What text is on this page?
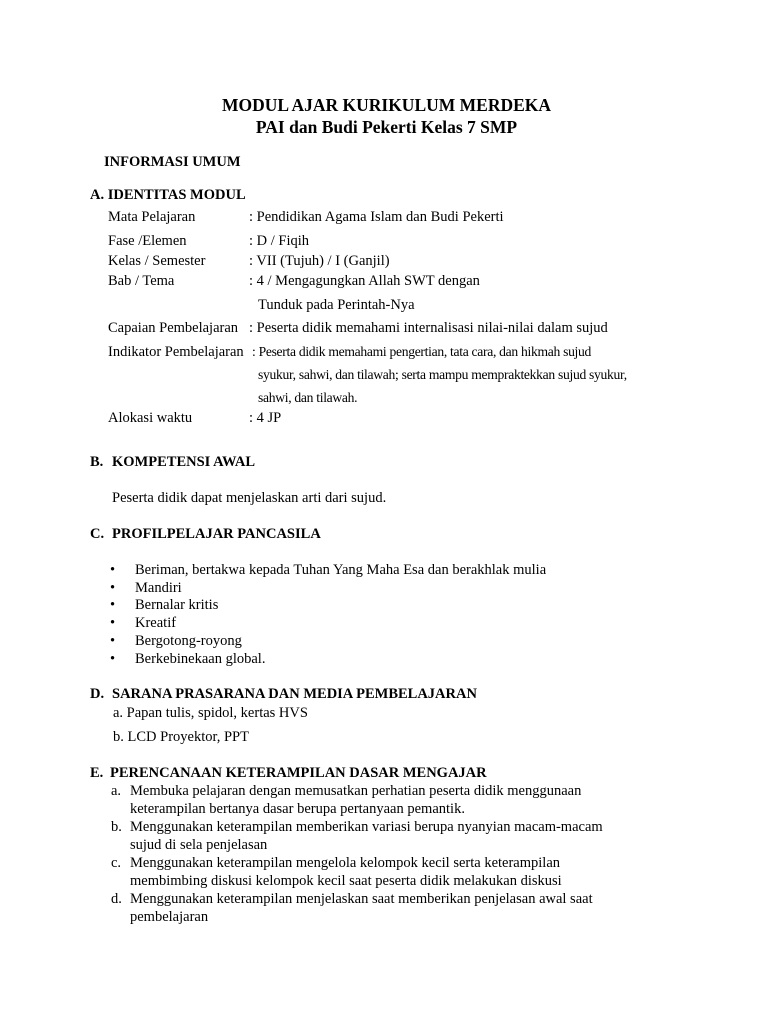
MODUL AJAR KURIKULUM MERDEKA
PAI dan Budi Pekerti Kelas 7 SMP
INFORMASI UMUM
A. IDENTITAS MODUL
Mata Pelajaran	: Pendidikan Agama Islam dan Budi Pekerti
Fase /Elemen	: D / Fiqih
Kelas / Semester	: VII (Tujuh) / I (Ganjil)
Bab / Tema	: 4 / Mengagungkan Allah SWT dengan
Tunduk pada Perintah-Nya
Capaian Pembelajaran : Peserta didik memahami internalisasi nilai-nilai dalam sujud
Indikator Pembelajaran : Peserta didik memahami pengertian, tata cara, dan hikmah sujud
syukur, sahwi, dan tilawah; serta mampu mempraktekkan sujud syukur,
sahwi, dan tilawah.
Alokasi waktu	: 4 JP
B. KOMPETENSI AWAL
Peserta didik dapat menjelaskan arti dari sujud.
C. PROFILPELAJAR PANCASILA
• Beriman, bertakwa kepada Tuhan Yang Maha Esa dan berakhlak mulia
• Mandiri
• Bernalar kritis
• Kreatif
• Bergotong-royong
• Berkebinekaan global.
D. SARANA PRASARANA DAN MEDIA PEMBELAJARAN
a. Papan tulis, spidol, kertas HVS
b. LCD Proyektor, PPT
E. PERENCANAAN KETERAMPILAN DASAR MENGAJAR
a. Membuka pelajaran dengan memusatkan perhatian peserta didik menggunaan
keterampilan bertanya dasar berupa pertanyaan pemantik.
b. Menggunakan keterampilan memberikan variasi berupa nyanyian macam-macam
sujud di sela penjelasan
c. Menggunakan keterampilan mengelola kelompok kecil serta keterampilan
membimbing diskusi kelompok kecil saat peserta didik melakukan diskusi
d. Menggunakan keterampilan menjelaskan saat memberikan penjelasan awal saat
pembelajaran
